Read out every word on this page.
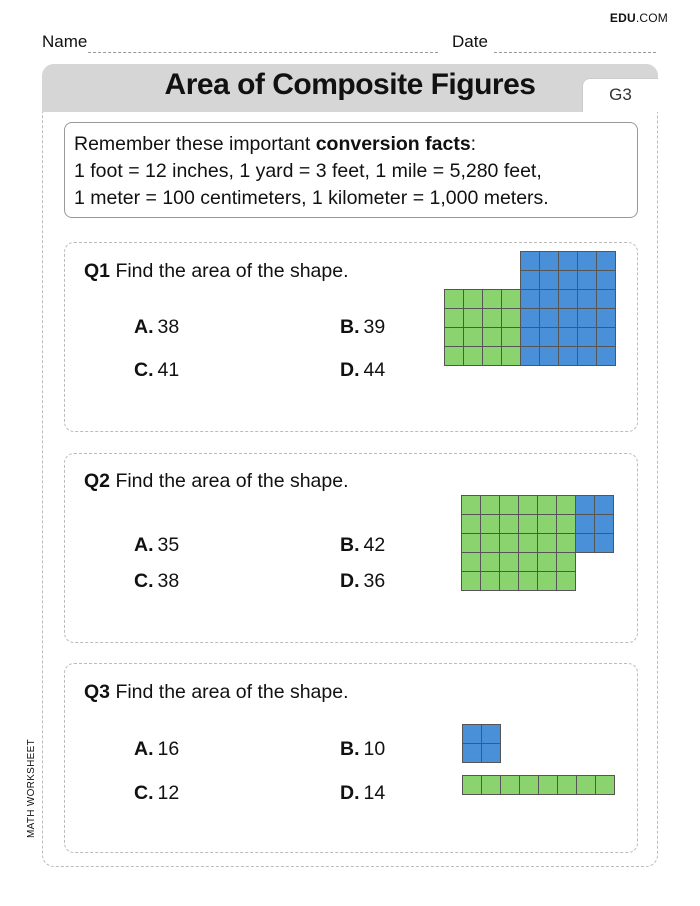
EDU.COM
Name	Date
MATH WORKSHEET
Area of Composite Figures	G3

Remember these important conversion facts:

1 foot = 12 inches, 1 yard = 3 feet, 1 mile = 5,280 feet,

1 meter = 100 centimeters, 1 kilometer = 1,000 meters.

Q1 Find the area of the shape.
A. 38	B. 39
C. 41	D. 44
Q2 Find the area of the shape.
A. 35	B. 42
C. 38	D. 36
Q3 Find the area of the shape.
A. 16	B. 10
C. 12	D. 14
